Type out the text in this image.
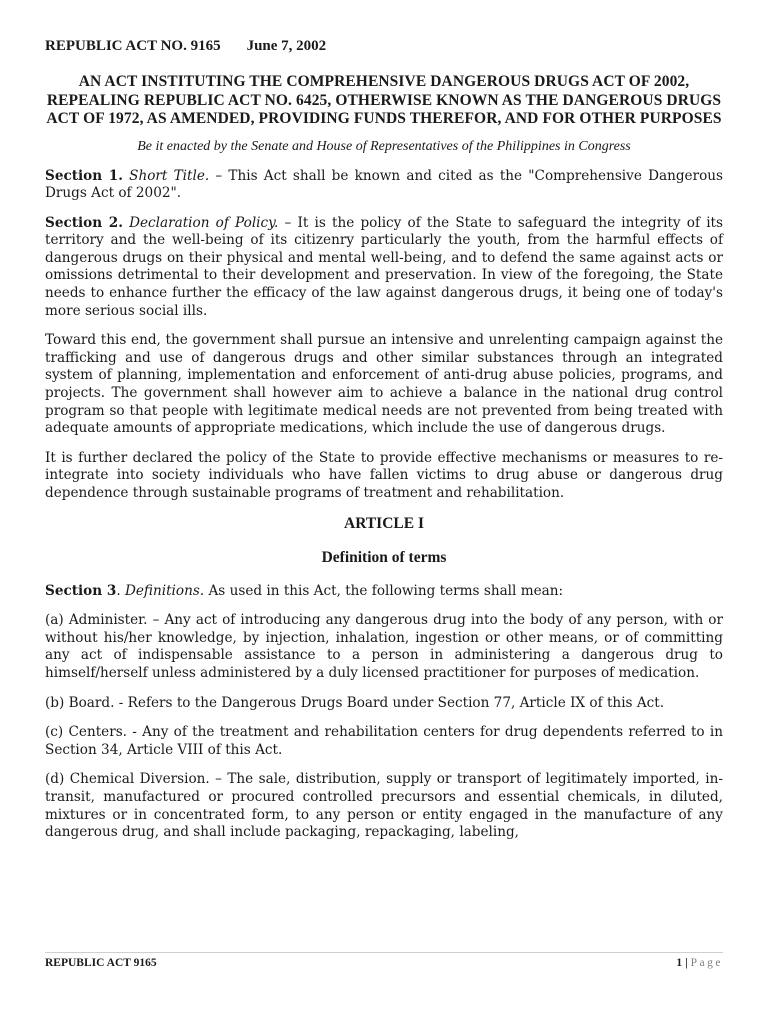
REPUBLIC ACT NO. 9165 June 7, 2002
AN ACT INSTITUTING THE COMPREHENSIVE DANGEROUS DRUGS ACT OF 2002, REPEALING REPUBLIC ACT NO. 6425, OTHERWISE KNOWN AS THE DANGEROUS DRUGS ACT OF 1972, AS AMENDED, PROVIDING FUNDS THEREFOR, AND FOR OTHER PURPOSES
Be it enacted by the Senate and House of Representatives of the Philippines in Congress

Section 1. Short Title. – This Act shall be known and cited as the "Comprehensive Dangerous Drugs Act of 2002".

Section 2. Declaration of Policy. – It is the policy of the State to safeguard the integrity of its territory and the well-being of its citizenry particularly the youth, from the harmful effects of dangerous drugs on their physical and mental well-being, and to defend the same against acts or omissions detrimental to their development and preservation. In view of the foregoing, the State needs to enhance further the efficacy of the law against dangerous drugs, it being one of today's more serious social ills.

Toward this end, the government shall pursue an intensive and unrelenting campaign against the trafficking and use of dangerous drugs and other similar substances through an integrated system of planning, implementation and enforcement of anti-drug abuse policies, programs, and projects. The government shall however aim to achieve a balance in the national drug control program so that people with legitimate medical needs are not prevented from being treated with adequate amounts of appropriate medications, which include the use of dangerous drugs.

It is further declared the policy of the State to provide effective mechanisms or measures to re-integrate into society individuals who have fallen victims to drug abuse or dangerous drug dependence through sustainable programs of treatment and rehabilitation.

ARTICLE I
Definition of terms

Section 3. Definitions. As used in this Act, the following terms shall mean:

(a) Administer. – Any act of introducing any dangerous drug into the body of any person, with or without his/her knowledge, by injection, inhalation, ingestion or other means, or of committing any act of indispensable assistance to a person in administering a dangerous drug to himself/herself unless administered by a duly licensed practitioner for purposes of medication.

(b) Board. - Refers to the Dangerous Drugs Board under Section 77, Article IX of this Act.

(c) Centers. - Any of the treatment and rehabilitation centers for drug dependents referred to in Section 34, Article VIII of this Act.

(d) Chemical Diversion. – The sale, distribution, supply or transport of legitimately imported, in-transit, manufactured or procured controlled precursors and essential chemicals, in diluted, mixtures or in concentrated form, to any person or entity engaged in the manufacture of any dangerous drug, and shall include packaging, repackaging, labeling,

REPUBLIC ACT 9165	1 | Page
